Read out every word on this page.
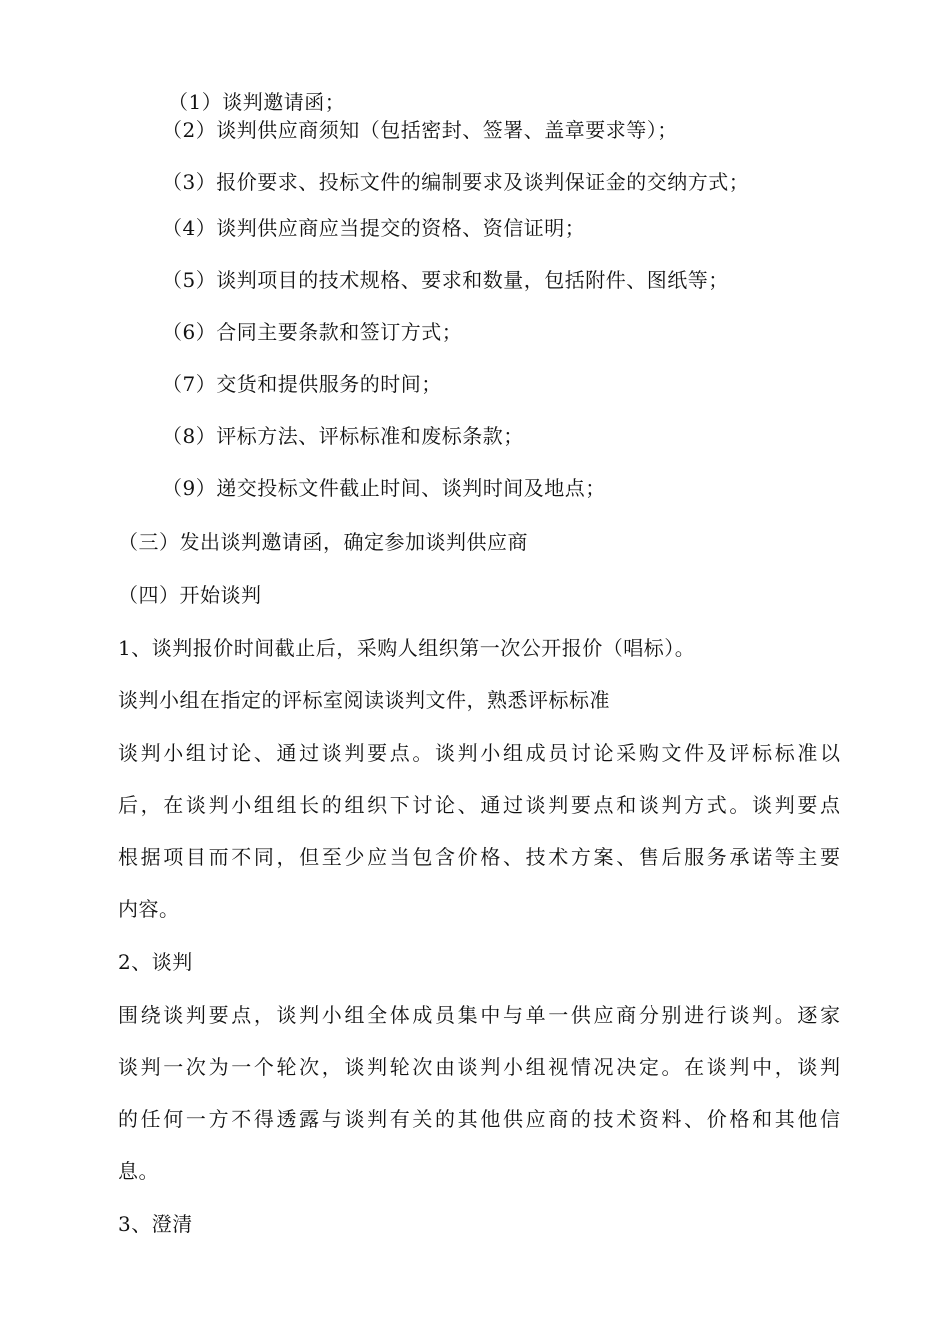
（1）谈判邀请函；
（2）谈判供应商须知（包括密封、签署、盖章要求等）；
（3）报价要求、投标文件的编制要求及谈判保证金的交纳方式；
（4）谈判供应商应当提交的资格、资信证明；
（5）谈判项目的技术规格、要求和数量，包括附件、图纸等；
（6）合同主要条款和签订方式；
（7）交货和提供服务的时间；
（8）评标方法、评标标准和废标条款；
（9）递交投标文件截止时间、谈判时间及地点；
（三）发出谈判邀请函，确定参加谈判供应商
（四）开始谈判
1、谈判报价时间截止后，采购人组织第一次公开报价（唱标）。
谈判小组在指定的评标室阅读谈判文件，熟悉评标标准
谈判小组讨论、通过谈判要点。谈判小组成员讨论采购文件及评标标准以
后，在谈判小组组长的组织下讨论、通过谈判要点和谈判方式。谈判要点
根据项目而不同，但至少应当包含价格、技术方案、售后服务承诺等主要
内容。
2、谈判
围绕谈判要点，谈判小组全体成员集中与单一供应商分别进行谈判。逐家
谈判一次为一个轮次，谈判轮次由谈判小组视情况决定。在谈判中，谈判
的任何一方不得透露与谈判有关的其他供应商的技术资料、价格和其他信
息。
3、澄清
